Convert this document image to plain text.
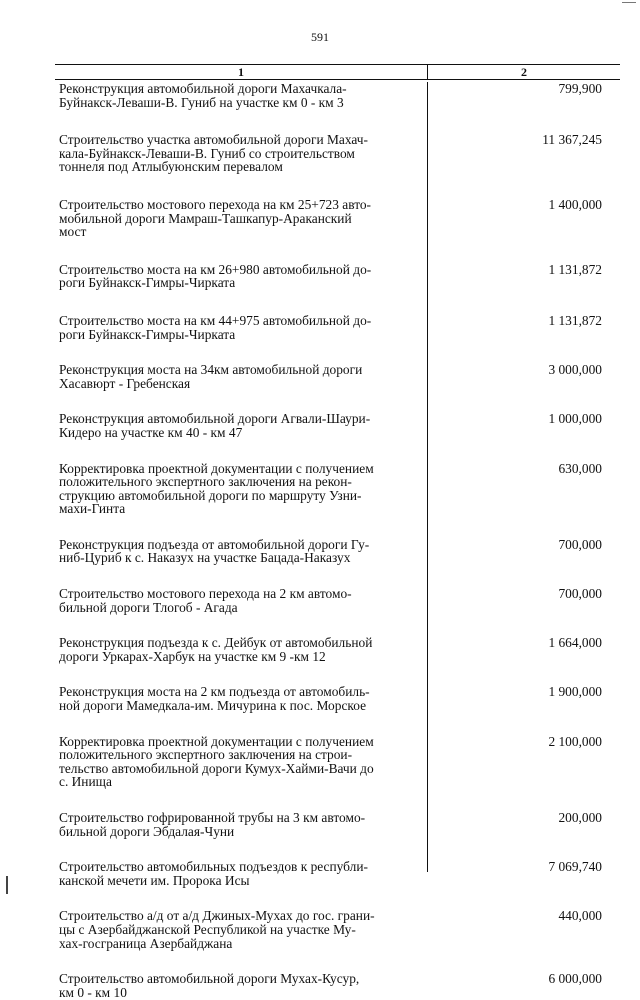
591
1	2
Реконструкция автомобильной дороги Махачкала-
Буйнакск-Леваши-В. Гуниб на участке км 0 - км 3
799,900
Строительство участка автомобильной дороги Махач-
кала-Буйнакск-Леваши-В. Гуниб со строительством
тоннеля под Атлыбуюнским перевалом
11 367,245
Строительство мостового перехода на км 25+723 авто-
мобильной дороги Мамраш-Ташкапур-Араканский
мост
1 400,000
Строительство моста на км 26+980 автомобильной до-
роги Буйнакск-Гимры-Чирката
1 131,872
Строительство моста на км 44+975 автомобильной до-
роги Буйнакск-Гимры-Чирката
1 131,872
Реконструкция моста на 34км автомобильной дороги
Хасавюрт - Гребенская
3 000,000
Реконструкция автомобильной дороги Агвали-Шаури-
Кидеро на участке км 40 - км 47
1 000,000
Корректировка проектной документации с получением
положительного экспертного заключения на рекон-
струкцию автомобильной дороги по маршруту Узни-
махи-Гинта
630,000
Реконструкция подъезда от автомобильной дороги Гу-
ниб-Цуриб к с. Наказух на участке Бацада-Наказух
700,000
Строительство мостового перехода на 2 км автомо-
бильной дороги Тлогоб - Агада
700,000
Реконструкция подъезда к с. Дейбук от автомобильной
дороги Уркарах-Харбук на участке км 9 -км 12
1 664,000
Реконструкция моста на 2 км подъезда от автомобиль-
ной дороги Мамедкала-им. Мичурина к пос. Морское
1 900,000
Корректировка проектной документации с получением
положительного экспертного заключения на строи-
тельство автомобильной дороги Кумух-Хайми-Вачи до
с. Инища
2 100,000
Строительство гофрированной трубы на 3 км автомо-
бильной дороги Эбдалая-Чуни
200,000
Строительство автомобильных подъездов к республи-
канской мечети им. Пророка Исы
7 069,740
Строительство а/д от а/д Джиных-Мухах до гос. грани-
цы с Азербайджанской Республикой на участке Му-
хах-госграница Азербайджана
440,000
Строительство автомобильной дороги Мухах-Кусур,
км 0 - км 10
6 000,000
